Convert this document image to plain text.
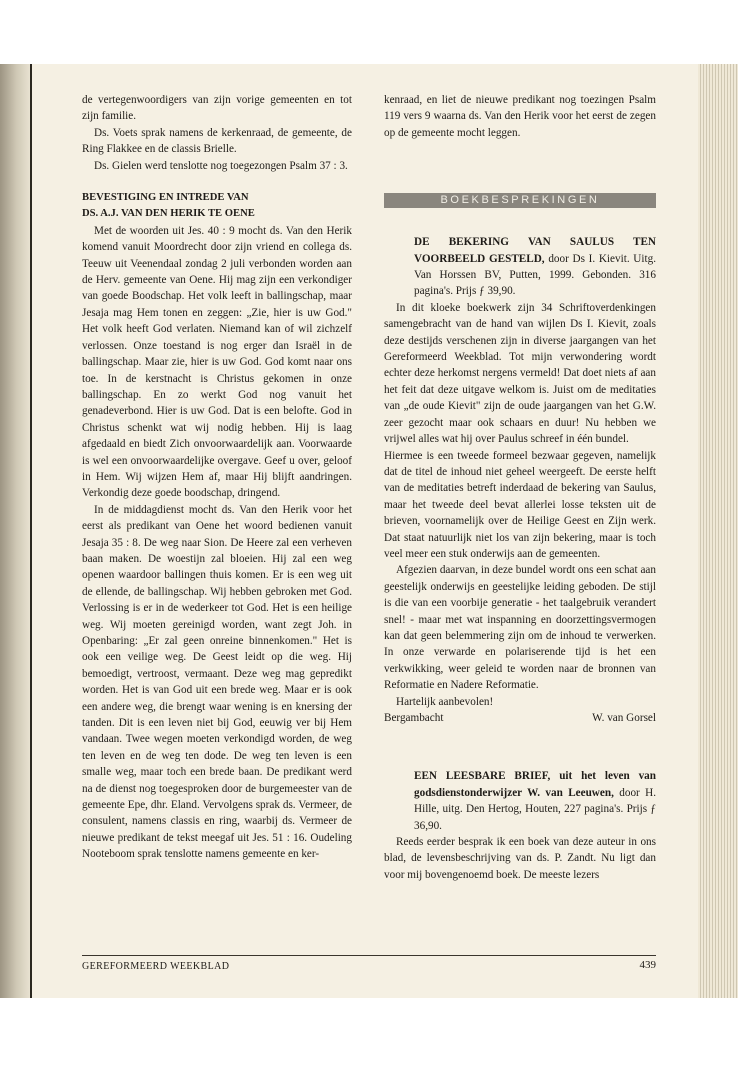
de vertegenwoordigers van zijn vorige gemeenten en tot zijn familie.

Ds. Voets sprak namens de kerkenraad, de gemeente, de Ring Flakkee en de classis Brielle.

Ds. Gielen werd tenslotte nog toegezongen Psalm 37 : 3.

BEVESTIGING EN INTREDE VAN

DS. A.J. VAN DEN HERIK TE OENE

Met de woorden uit Jes. 40 : 9 mocht ds. Van den Herik komend vanuit Moordrecht door zijn vriend en collega ds. Teeuw uit Veenendaal zondag 2 juli verbonden worden aan de Herv. gemeente van Oene. Hij mag zijn een verkondiger van goede Boodschap. Het volk leeft in ballingschap, maar Jesaja mag Hem tonen en zeggen: „Zie, hier is uw God." Het volk heeft God verlaten. Niemand kan of wil zichzelf verlossen. Onze toestand is nog erger dan Israël in de ballingschap. Maar zie, hier is uw God. God komt naar ons toe. In de kerstnacht is Christus gekomen in onze ballingschap. En zo werkt God nog vanuit het genadeverbond. Hier is uw God. Dat is een belofte. God in Christus schenkt wat wij nodig hebben. Hij is laag afgedaald en biedt Zich onvoorwaardelijk aan. Voorwaarde is wel een onvoorwaardelijke overgave. Geef u over, geloof in Hem. Wij wijzen Hem af, maar Hij blijft aandringen. Verkondig deze goede boodschap, dringend.

In de middagdienst mocht ds. Van den Herik voor het eerst als predikant van Oene het woord bedienen vanuit Jesaja 35 : 8. De weg naar Sion. De Heere zal een verheven baan maken. De woestijn zal bloeien. Hij zal een weg openen waardoor ballingen thuis komen. Er is een weg uit de ellende, de ballingschap. Wij hebben gebroken met God. Verlossing is er in de wederkeer tot God. Het is een heilige weg. Wij moeten gereinigd worden, want zegt Joh. in Openbaring: „Er zal geen onreine binnenkomen." Het is ook een veilige weg. De Geest leidt op die weg. Hij bemoedigt, vertroost, vermaant. Deze weg mag gepredikt worden. Het is van God uit een brede weg. Maar er is ook een andere weg, die brengt waar wening is en knersing der tanden. Dit is een leven niet bij God, eeuwig ver bij Hem vandaan. Twee wegen moeten verkondigd worden, de weg ten leven en de weg ten dode. De weg ten leven is een smalle weg, maar toch een brede baan. De predikant werd na de dienst nog toegesproken door de burgemeester van de gemeente Epe, dhr. Eland. Vervolgens sprak ds. Vermeer, de consulent, namens classis en ring, waarbij ds. Vermeer de nieuwe predikant de tekst meegaf uit Jes. 51 : 16. Oudeling Nooteboom sprak tenslotte namens gemeente en ker-

kenraad, en liet de nieuwe predikant nog toezingen Psalm 119 vers 9 waarna ds. Van den Herik voor het eerst de zegen op de gemeente mocht leggen.

BOEKBESPREKINGEN

DE BEKERING VAN SAULUS TEN VOORBEELD GESTELD, door Ds I. Kievit. Uitg. Van Horssen BV, Putten, 1999. Gebonden. 316 pagina's. Prijs ƒ 39,90.

In dit kloeke boekwerk zijn 34 Schriftoverdenkingen samengebracht van de hand van wijlen Ds I. Kievit, zoals deze destijds verschenen zijn in diverse jaargangen van het Gereformeerd Weekblad. Tot mijn verwondering wordt echter deze herkomst nergens vermeld! Dat doet niets af aan het feit dat deze uitgave welkom is. Juist om de meditaties van „de oude Kievit" zijn de oude jaargangen van het G.W. zeer gezocht maar ook schaars en duur! Nu hebben we vrijwel alles wat hij over Paulus schreef in één bundel.

Hiermee is een tweede formeel bezwaar gegeven, namelijk dat de titel de inhoud niet geheel weergeeft. De eerste helft van de meditaties betreft inderdaad de bekering van Saulus, maar het tweede deel bevat allerlei losse teksten uit de brieven, voornamelijk over de Heilige Geest en Zijn werk. Dat staat natuurlijk niet los van zijn bekering, maar is toch veel meer een stuk onderwijs aan de gemeenten.

Afgezien daarvan, in deze bundel wordt ons een schat aan geestelijk onderwijs en geestelijke leiding geboden. De stijl is die van een voorbije generatie - het taalgebruik verandert snel! - maar met wat inspanning en doorzettingsvermogen kan dat geen belemmering zijn om de inhoud te verwerken. In onze verwarde en polariserende tijd is het een verkwikking, weer geleid te worden naar de bronnen van Reformatie en Nadere Reformatie.

Hartelijk aanbevolen!

Bergambacht	W. van Gorsel

EEN LEESBARE BRIEF, uit het leven van godsdienstonderwijzer W. van Leeuwen, door H. Hille, uitg. Den Hertog, Houten, 227 pagina's. Prijs ƒ 36,90.

Reeds eerder besprak ik een boek van deze auteur in ons blad, de levensbeschrijving van ds. P. Zandt. Nu ligt dan voor mij bovengenoemd boek. De meeste lezers

GEREFORMEERD WEEKBLAD	439
